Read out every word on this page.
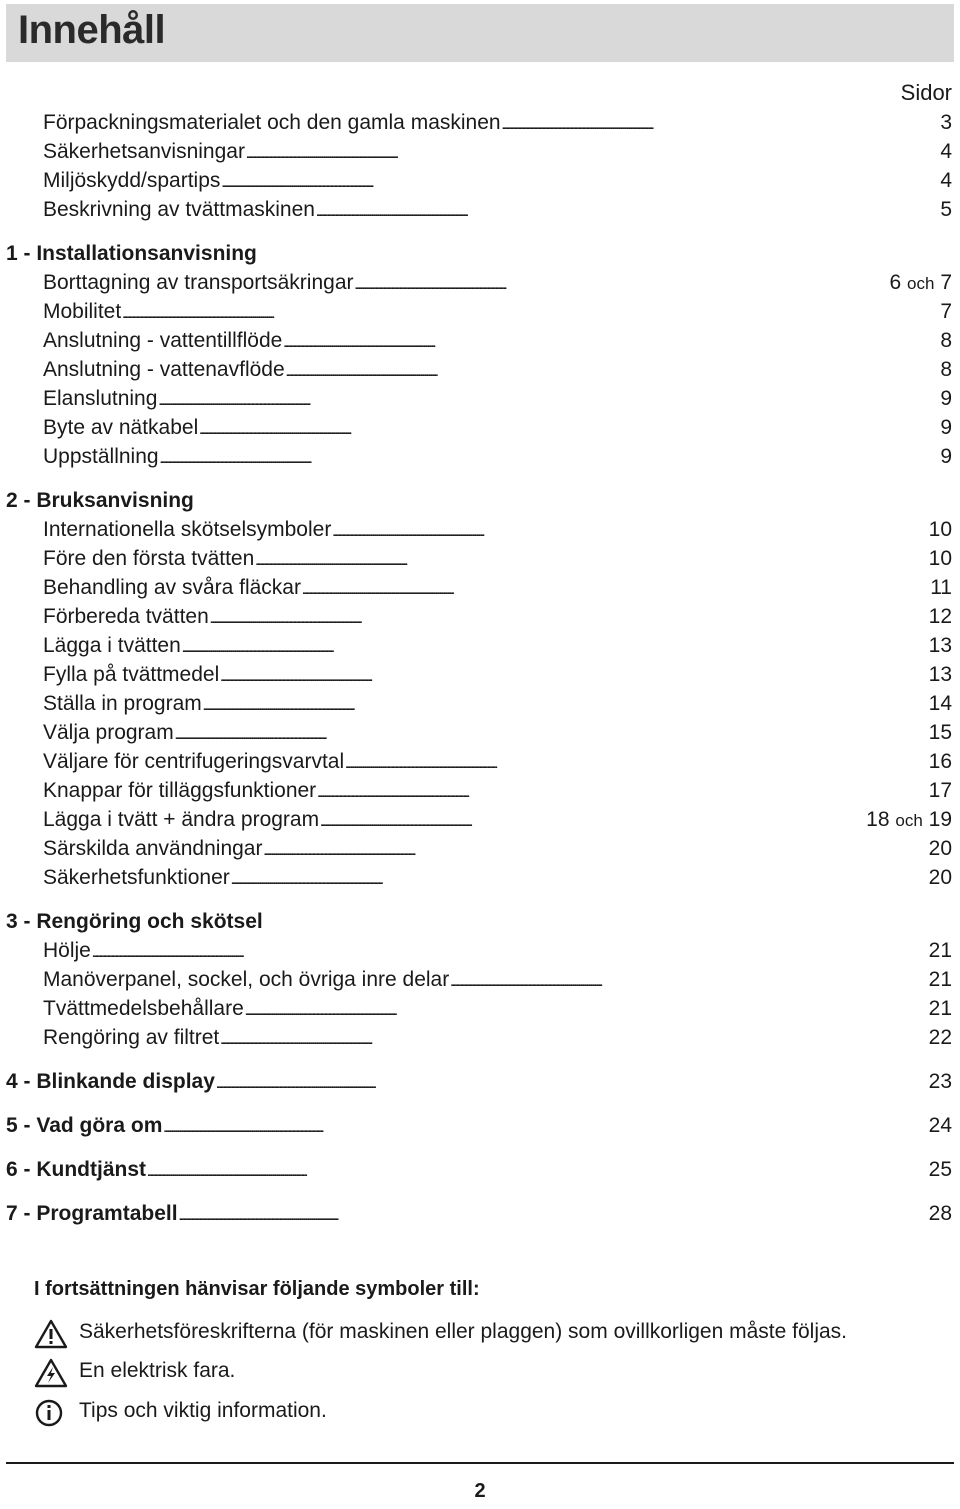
Innehåll
Sidor
Förpackningsmaterialet och den gamla maskinen . . .	3
Säkerhetsanvisningar . . .	4
Miljöskydd/spartips . . .	4
Beskrivning av tvättmaskinen . . .	5
1 - Installationsanvisning
Borttagning av transportsäkringar . . .	6 och 7
Mobilitet . . .	7
Anslutning - vattentillflöde . . .	8
Anslutning - vattenavflöde . . .	8
Elanslutning . . .	9
Byte av nätkabel . . .	9
Uppställning . . .	9
2 - Bruksanvisning
Internationella skötselsymboler . . .	10
Före den första tvätten . . .	10
Behandling av svåra fläckar . . .	11
Förbereda tvätten . . .	12
Lägga i tvätten . . .	13
Fylla på tvättmedel . . .	13
Ställa in program . . .	14
Välja program . . .	15
Väljare för centrifugeringsvarvtal . . .	16
Knappar för tilläggsfunktioner . . .	17
Lägga i tvätt + ändra program . . .	18 och 19
Särskilda användningar . . .	20
Säkerhetsfunktioner . . .	20
3 - Rengöring och skötsel
Hölje . . .	21
Manöverpanel, sockel, och övriga inre delar . . .	21
Tvättmedelsbehållare . . .	21
Rengöring av filtret . . .	22
4 - Blinkande display . . .	23
5 - Vad göra om . . .	24
6 - Kundtjänst . . .	25
7 - Programtabell . . .	28
I fortsättningen hänvisar följande symboler till:
Säkerhetsföreskrifterna (för maskinen eller plaggen) som ovillkorligen måste följas.
En elektrisk fara.
Tips och viktig information.
2
